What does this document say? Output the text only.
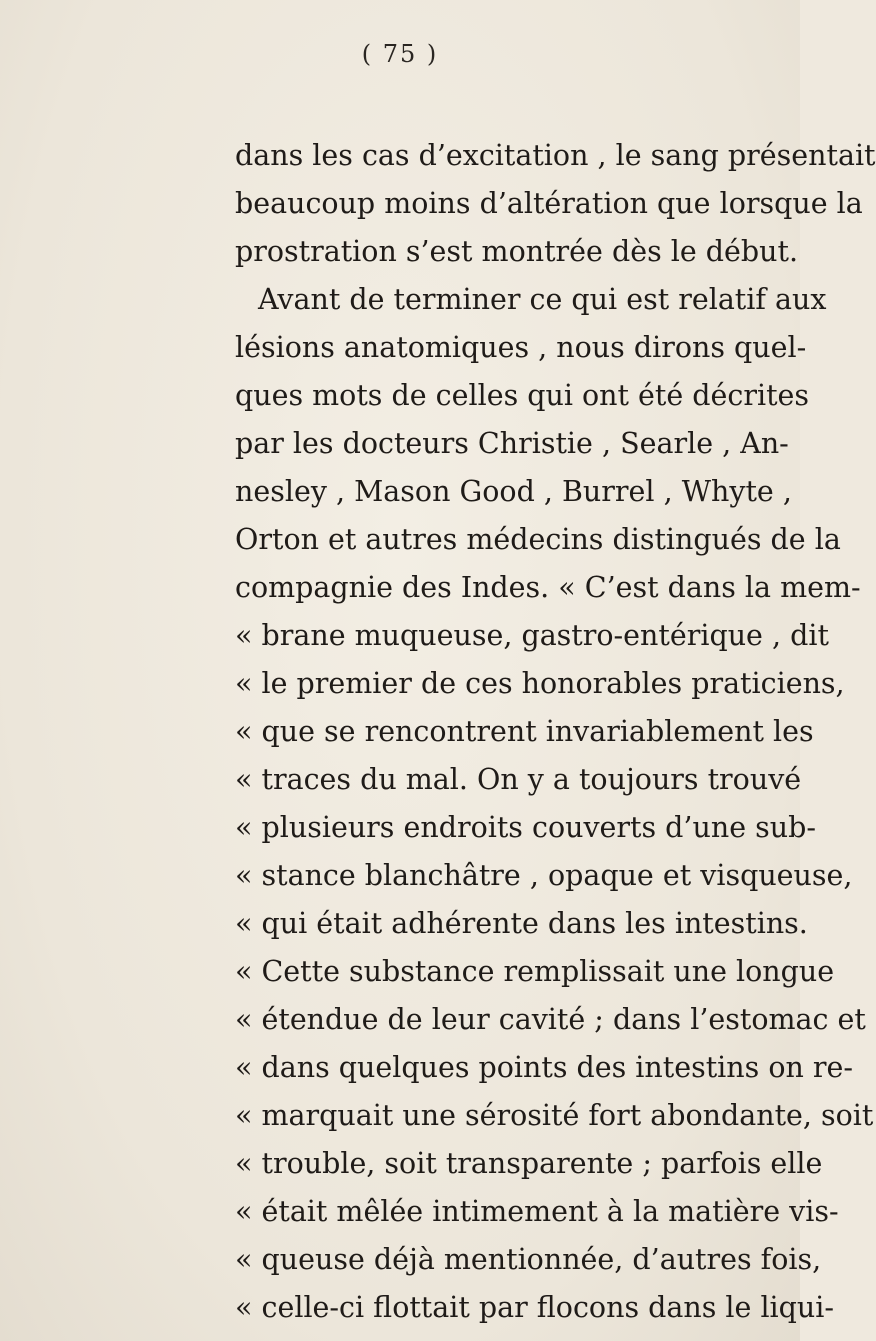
( 75 )
dans les cas d’excitation , le sang présentait
beaucoup moins d’altération que lorsque la
prostration s’est montrée dès le début.
Avant de terminer ce qui est relatif aux
lésions anatomiques , nous dirons quel-
ques mots de celles qui ont été décrites
par les docteurs Christie , Searle , An-
nesley , Mason Good , Burrel , Whyte ,
Orton et autres médecins distingués de la
compagnie des Indes. « C’est dans la mem-
« brane muqueuse, gastro-entérique , dit
« le premier de ces honorables praticiens,
« que se rencontrent invariablement les
« traces du mal. On y a toujours trouvé
« plusieurs endroits couverts d’une sub-
« stance blanchâtre , opaque et visqueuse,
« qui était adhérente dans les intestins.
« Cette substance remplissait une longue
« étendue de leur cavité ; dans l’estomac et
« dans quelques points des intestins on re-
« marquait une sérosité fort abondante, soit
« trouble, soit transparente ; parfois elle
« était mêlée intimement à la matière vis-
« queuse déjà mentionnée, d’autres fois,
« celle-ci flottait par flocons dans le liqui-
